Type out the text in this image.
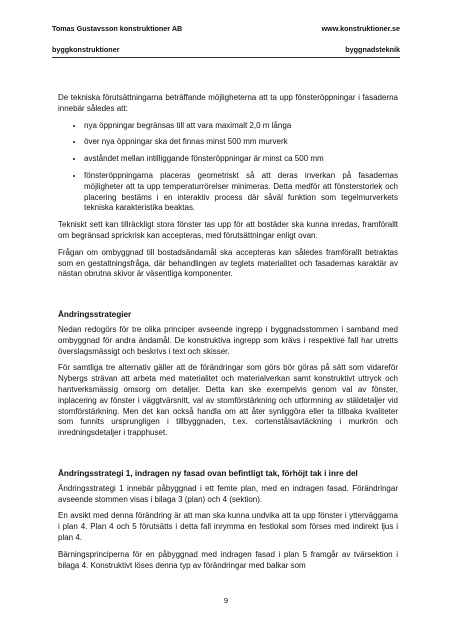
Tomas Gustavsson konstruktioner AB	www.konstruktioner.se
byggkonstruktioner	byggnadsteknik

De tekniska förutsättningarna beträffande möjligheterna att ta upp fönsteröppningar i fasaderna innebär således att:

• nya öppningar begränsas till att vara maximalt 2,0 m långa
• över nya öppningar ska det finnas minst 500 mm murverk
• avståndet mellan intilliggande fönsteröppningar är minst ca 500 mm
• fönsteröppningarna placeras geometriskt så att deras inverkan på fasadernas möjligheter att ta upp temperaturrörelser minimeras. Detta medför att fönsterstorlek och placering bestäms i en interaktiv process där såväl funktion som tegelmurverkets tekniska karakteristika beaktas.

Tekniskt sett kan tillräckligt stora fönster tas upp för att bostäder ska kunna inredas, framförallt om begränsad sprickrisk kan accepteras, med förutsättningar enligt ovan.

Frågan om ombyggnad till bostadsändamål ska accepteras kan således framförallt betraktas som en gestaltningsfråga, där behandlingen av teglets materialitet och fasadernas karaktär av nästan obrutna skivor är väsentliga komponenter.

Ändringsstrategier

Nedan redogörs för tre olika principer avseende ingrepp i byggnadsstommen i samband med ombyggnad för andra ändamål. De konstruktiva ingrepp som krävs i respektive fall har utretts överslagsmässigt och beskrivs i text och skisser.

För samtliga tre alternativ gäller att de förändringar som görs bör göras på sätt som vidareför Nybergs strävan att arbeta med materialitet och materialverkan samt konstruktivt uttryck och hantverksmässig omsorg om detaljer. Detta kan ske exempelvis genom val av fönster, inplacering av fönster i väggtvärsnitt, val av stomförstärkning och utformning av stäldetaljer vid stomförstärkning. Men det kan också handla om att åter synliggöra eller ta tillbaka kvaliteter som funnits ursprungligen i tillbyggnaden, t.ex. cortenstålsavtäckning i murkrön och inredningsdetaljer i trapphuset.

Ändringsstrategi 1, indragen ny fasad ovan befintligt tak, förhöjt tak i inre del

Ändringsstrategi 1 innebär påbyggnad i ett femte plan, med en indragen fasad. Förändringar avseende stommen visas i bilaga 3 (plan) och 4 (sektion).

En avsikt med denna förändring är att man ska kunna undvika att ta upp fönster i ytterväggarna i plan 4. Plan 4 och 5 förutsätts i detta fall inrymma en festlokal som förses med indirekt ljus i plan 4.

Bärningsprinciperna för en påbyggnad med indragen fasad i plan 5 framgår av tvärsektion i bilaga 4. Konstruktivt löses denna typ av förändringar med balkar som

9
